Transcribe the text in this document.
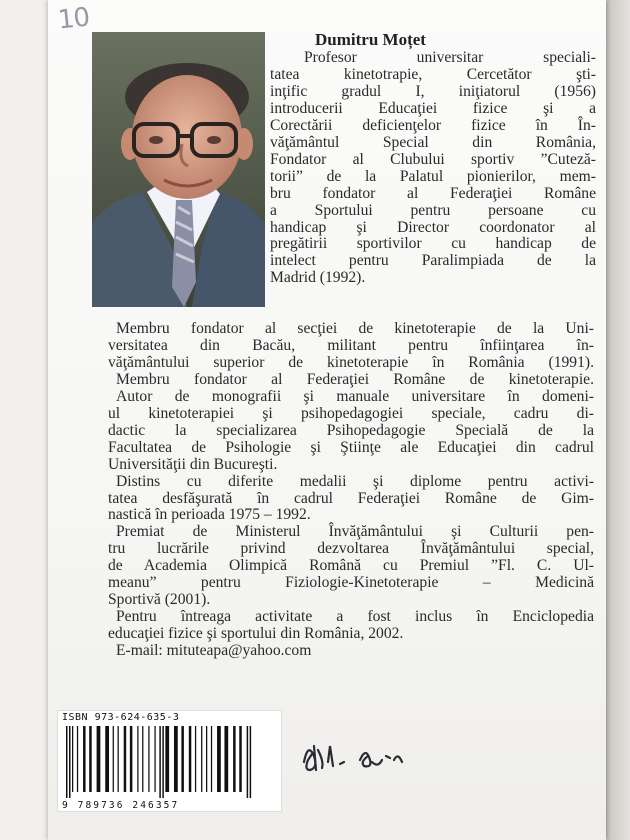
10
Dumitru Moțet
Profesor universitar speciali-
tatea kinetotrapie, Cercetător şti-
inţific gradul I, iniţiatorul (1956)
introducerii Educaţiei fizice şi a
Corectării deficienţelor fizice în În-
văţământul Special din România,
Fondator al Clubului sportiv ”Cuteză-
torii” de la Palatul pionierilor, mem-
bru fondator al Federaţiei Române
a Sportului pentru persoane cu
handicap şi Director coordonator al
pregătirii sportivilor cu handicap de
intelect pentru Paralimpiada de la
Madrid (1992).
Membru fondator al secţiei de kinetoterapie de la Uni-
versitatea din Bacău, militant pentru înfiinţarea în-
văţământului superior de kinetoterapie în România (1991).
Membru fondator al Federaţiei Române de kinetoterapie.
Autor de monografii şi manuale universitare în domeni-
ul kinetoterapiei şi psihopedagogiei speciale, cadru di-
dactic la specializarea Psihopedagogie Specială de la
Facultatea de Psihologie şi Ştiinţe ale Educaţiei din cadrul
Universităţii din Bucureşti.
Distins cu diferite medalii şi diplome pentru activi-
tatea desfăşurată în cadrul Federaţiei Române de Gim-
nastică în perioada 1975 – 1992.
Premiat de Ministerul Învăţământului şi Culturii pen-
tru lucrările privind dezvoltarea Învăţământului special,
de Academia Olimpică Română cu Premiul ”Fl. C. Ul-
meanu” pentru Fiziologie-Kinetoterapie – Medicină
Sportivă (2001).
Pentru întreaga activitate a fost inclus în Enciclopedia
educaţiei fizice şi sportului din România, 2002.
E-mail: mituteapa@yahoo.com
ISBN 973-624-635-3
9 789736 246357
